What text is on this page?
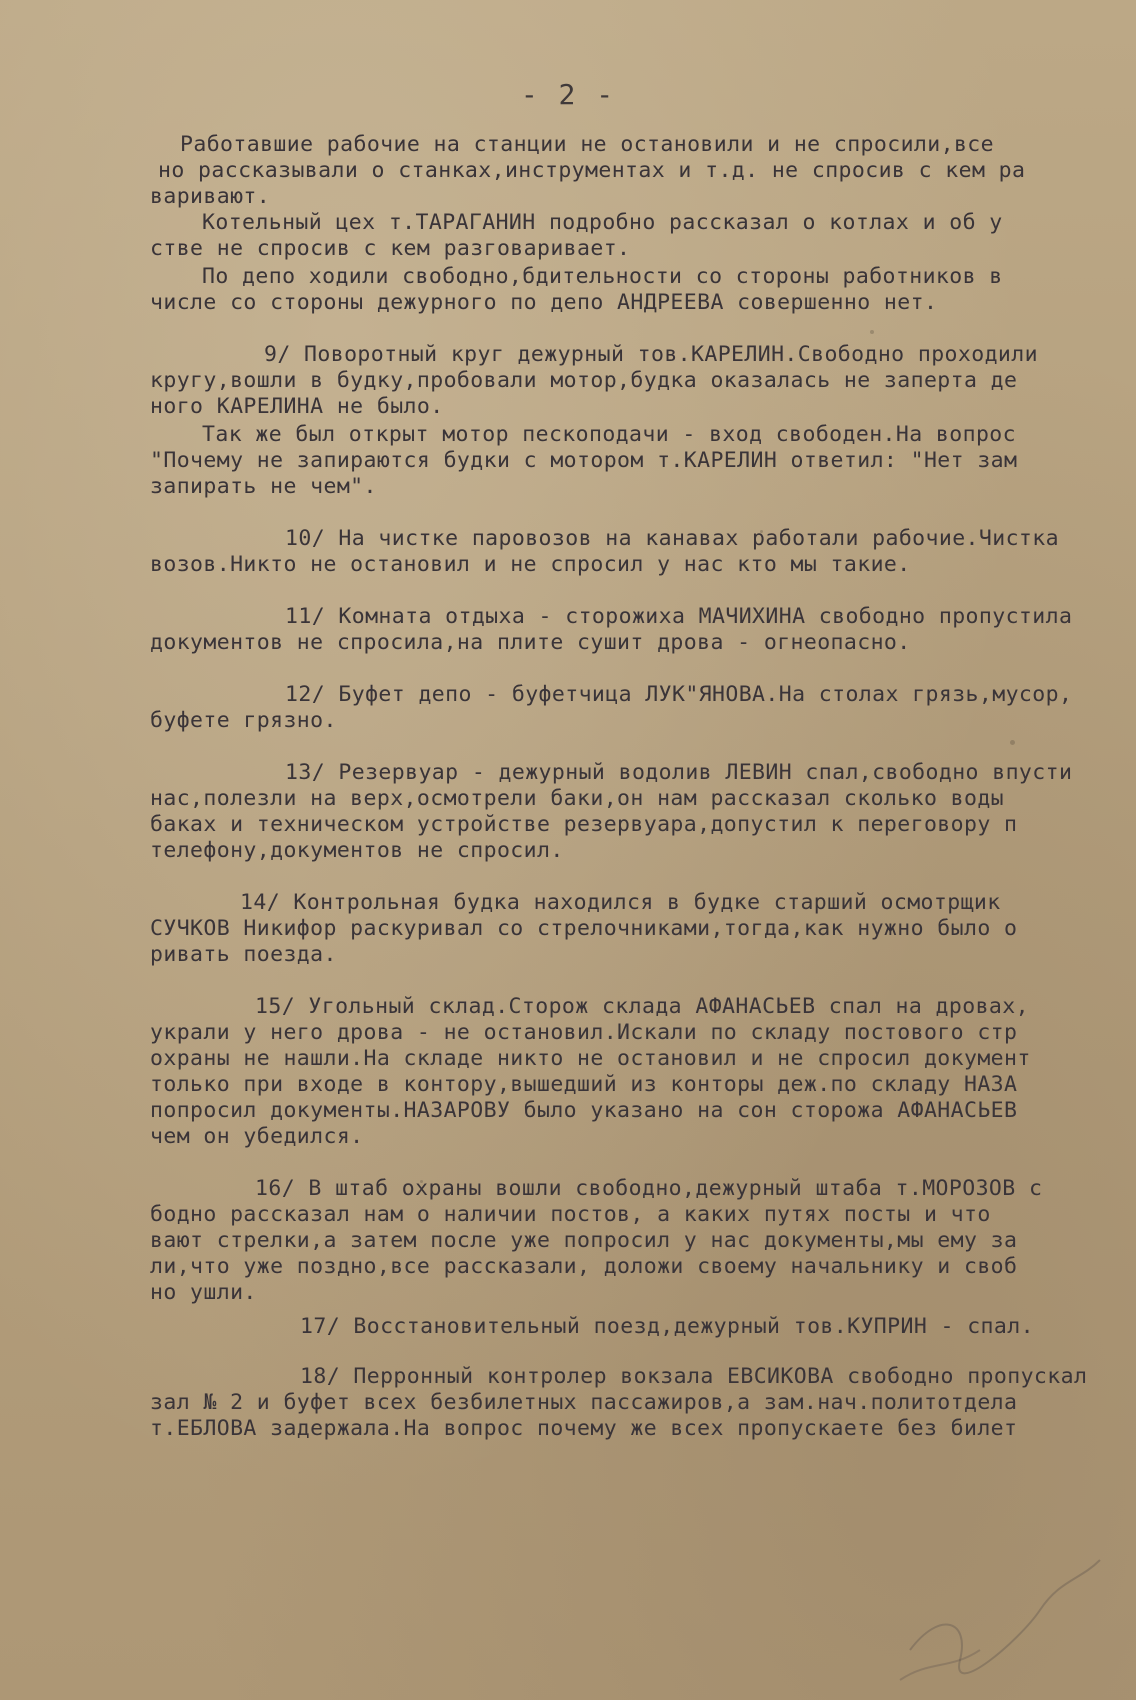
- 2 -
Работавшие рабочие на станции не остановили и не спросили,все
но рассказывали о станках,инструментах и т.д. не спросив с кем ра
варивают.
Котельный цех т.ТАРАГАНИН подробно рассказал о котлах и об у
стве не спросив с кем разговаривает.
По депо ходили свободно,бдительности со стороны работников в
числе со стороны дежурного по депо АНДРЕЕВА совершенно нет.
9/ Поворотный круг дежурный тов.КАРЕЛИН.Свободно проходили
кругу,вошли в будку,пробовали мотор,будка оказалась не заперта де
ного КАРЕЛИНА не было.
Так же был открыт мотор пескоподачи - вход свободен.На вопрос
"Почему не запираются будки с мотором т.КАРЕЛИН ответил: "Нет зам
запирать не чем".
10/ На чистке паровозов на канавах работали рабочие.Чистка
возов.Никто не остановил и не спросил у нас кто мы такие.
11/ Комната отдыха - сторожиха МАЧИХИНА свободно пропустила
документов не спросила,на плите сушит дрова - огнеопасно.
12/ Буфет депо - буфетчица ЛУК"ЯНОВА.На столах грязь,мусор,
буфете грязно.
13/ Резервуар - дежурный водолив ЛЕВИН спал,свободно впусти
нас,полезли на верх,осмотрели баки,он нам рассказал сколько воды
баках и техническом устройстве резервуара,допустил к переговору п
телефону,документов не спросил.
14/ Контрольная будка находился в будке старший осмотрщик
СУЧКОВ Никифор раскуривал со стрелочниками,тогда,как нужно было о
ривать поезда.
15/ Угольный склад.Сторож склада АФАНАСЬЕВ спал на дровах,
украли у него дрова - не остановил.Искали по складу постового стр
охраны не нашли.На складе никто не остановил и не спросил документ
только при входе в контору,вышедший из конторы деж.по складу НАЗА
попросил документы.НАЗАРОВУ было указано на сон сторожа АФАНАСЬЕВ
чем он убедился.
16/ В штаб охраны вошли свободно,дежурный штаба т.МОРОЗОВ с
бодно рассказал нам о наличии постов, а каких путях посты и что
вают стрелки,а затем после уже попросил у нас документы,мы ему за
ли,что уже поздно,все рассказали, доложи своему начальнику и своб
но ушли.
17/ Восстановительный поезд,дежурный тов.КУПРИН - спал.
18/ Перронный контролер вокзала ЕВСИКОВА свободно пропускал
зал № 2 и буфет всех безбилетных пассажиров,а зам.нач.политотдела
т.ЕБЛОВА задержала.На вопрос почему же всех пропускаете без билет
